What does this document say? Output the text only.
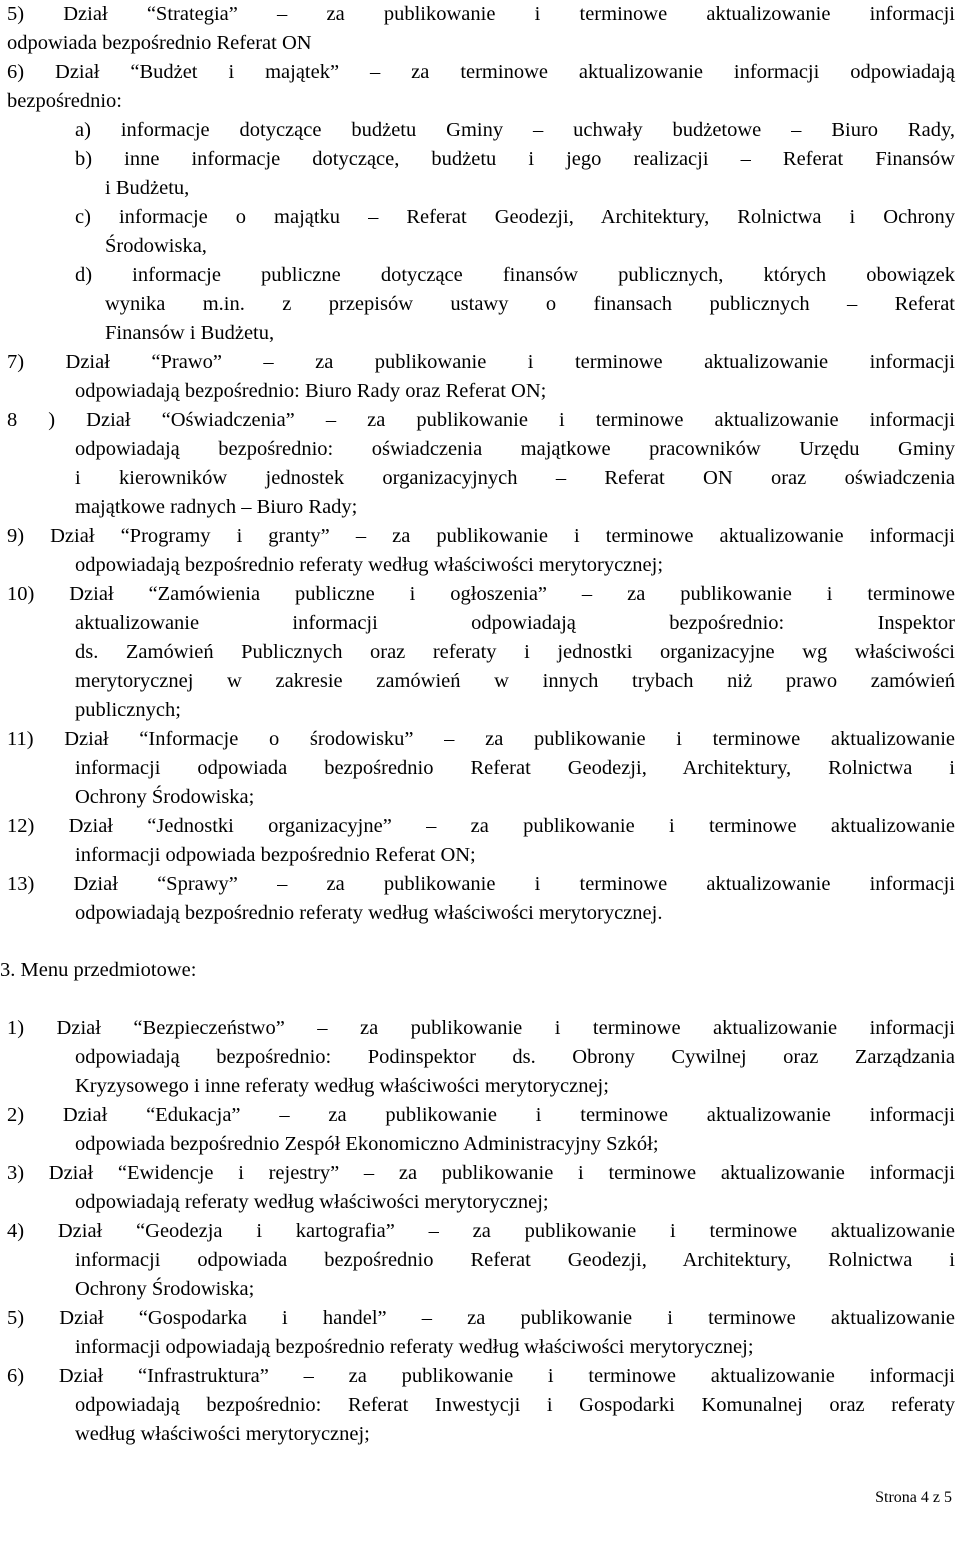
5) Dział “Strategia” – za publikowanie i terminowe aktualizowanie informacji
odpowiada bezpośrednio Referat ON
6) Dział “Budżet i majątek” – za terminowe aktualizowanie informacji odpowiadają
bezpośrednio:
a) informacje dotyczące budżetu Gminy – uchwały budżetowe – Biuro Rady,
b) inne informacje dotyczące, budżetu i jego realizacji – Referat Finansów
i Budżetu,
c) informacje o majątku – Referat Geodezji, Architektury, Rolnictwa i Ochrony
Środowiska,
d) informacje publiczne dotyczące finansów publicznych, których obowiązek
wynika m.in. z przepisów ustawy o finansach publicznych – Referat
Finansów i Budżetu,
7) Dział “Prawo” – za publikowanie i terminowe aktualizowanie informacji
odpowiadają bezpośrednio: Biuro Rady oraz Referat ON;
8 ) Dział “Oświadczenia” – za publikowanie i terminowe aktualizowanie informacji
odpowiadają bezpośrednio: oświadczenia majątkowe pracowników Urzędu Gminy
i kierowników jednostek organizacyjnych – Referat ON oraz oświadczenia
majątkowe radnych – Biuro Rady;
9) Dział “Programy i granty” – za publikowanie i terminowe aktualizowanie informacji
odpowiadają bezpośrednio referaty według właściwości merytorycznej;
10) Dział “Zamówienia publiczne i ogłoszenia” – za publikowanie i terminowe
aktualizowanie informacji odpowiadają bezpośrednio: Inspektor
ds. Zamówień Publicznych oraz referaty i jednostki organizacyjne wg właściwości
merytorycznej w zakresie zamówień w innych trybach niż prawo zamówień
publicznych;
11) Dział “Informacje o środowisku” – za publikowanie i terminowe aktualizowanie
informacji odpowiada bezpośrednio Referat Geodezji, Architektury, Rolnictwa i
Ochrony Środowiska;
12) Dział “Jednostki organizacyjne” – za publikowanie i terminowe aktualizowanie
informacji odpowiada bezpośrednio Referat ON;
13) Dział “Sprawy” – za publikowanie i terminowe aktualizowanie informacji
odpowiadają bezpośrednio referaty według właściwości merytorycznej.
3. Menu przedmiotowe:
1) Dział “Bezpieczeństwo” – za publikowanie i terminowe aktualizowanie informacji
odpowiadają bezpośrednio: Podinspektor ds. Obrony Cywilnej oraz Zarządzania
Kryzysowego i inne referaty według właściwości merytorycznej;
2) Dział “Edukacja” – za publikowanie i terminowe aktualizowanie informacji
odpowiada bezpośrednio Zespół Ekonomiczno Administracyjny Szkół;
3) Dział “Ewidencje i rejestry” – za publikowanie i terminowe aktualizowanie informacji
odpowiadają referaty według właściwości merytorycznej;
4) Dział “Geodezja i kartografia” – za publikowanie i terminowe aktualizowanie
informacji odpowiada bezpośrednio Referat Geodezji, Architektury, Rolnictwa i
Ochrony Środowiska;
5) Dział “Gospodarka i handel” – za publikowanie i terminowe aktualizowanie
informacji odpowiadają bezpośrednio referaty według właściwości merytorycznej;
6) Dział “Infrastruktura” – za publikowanie i terminowe aktualizowanie informacji
odpowiadają bezpośrednio: Referat Inwestycji i Gospodarki Komunalnej oraz referaty
według właściwości merytorycznej;

Strona 4 z 5
